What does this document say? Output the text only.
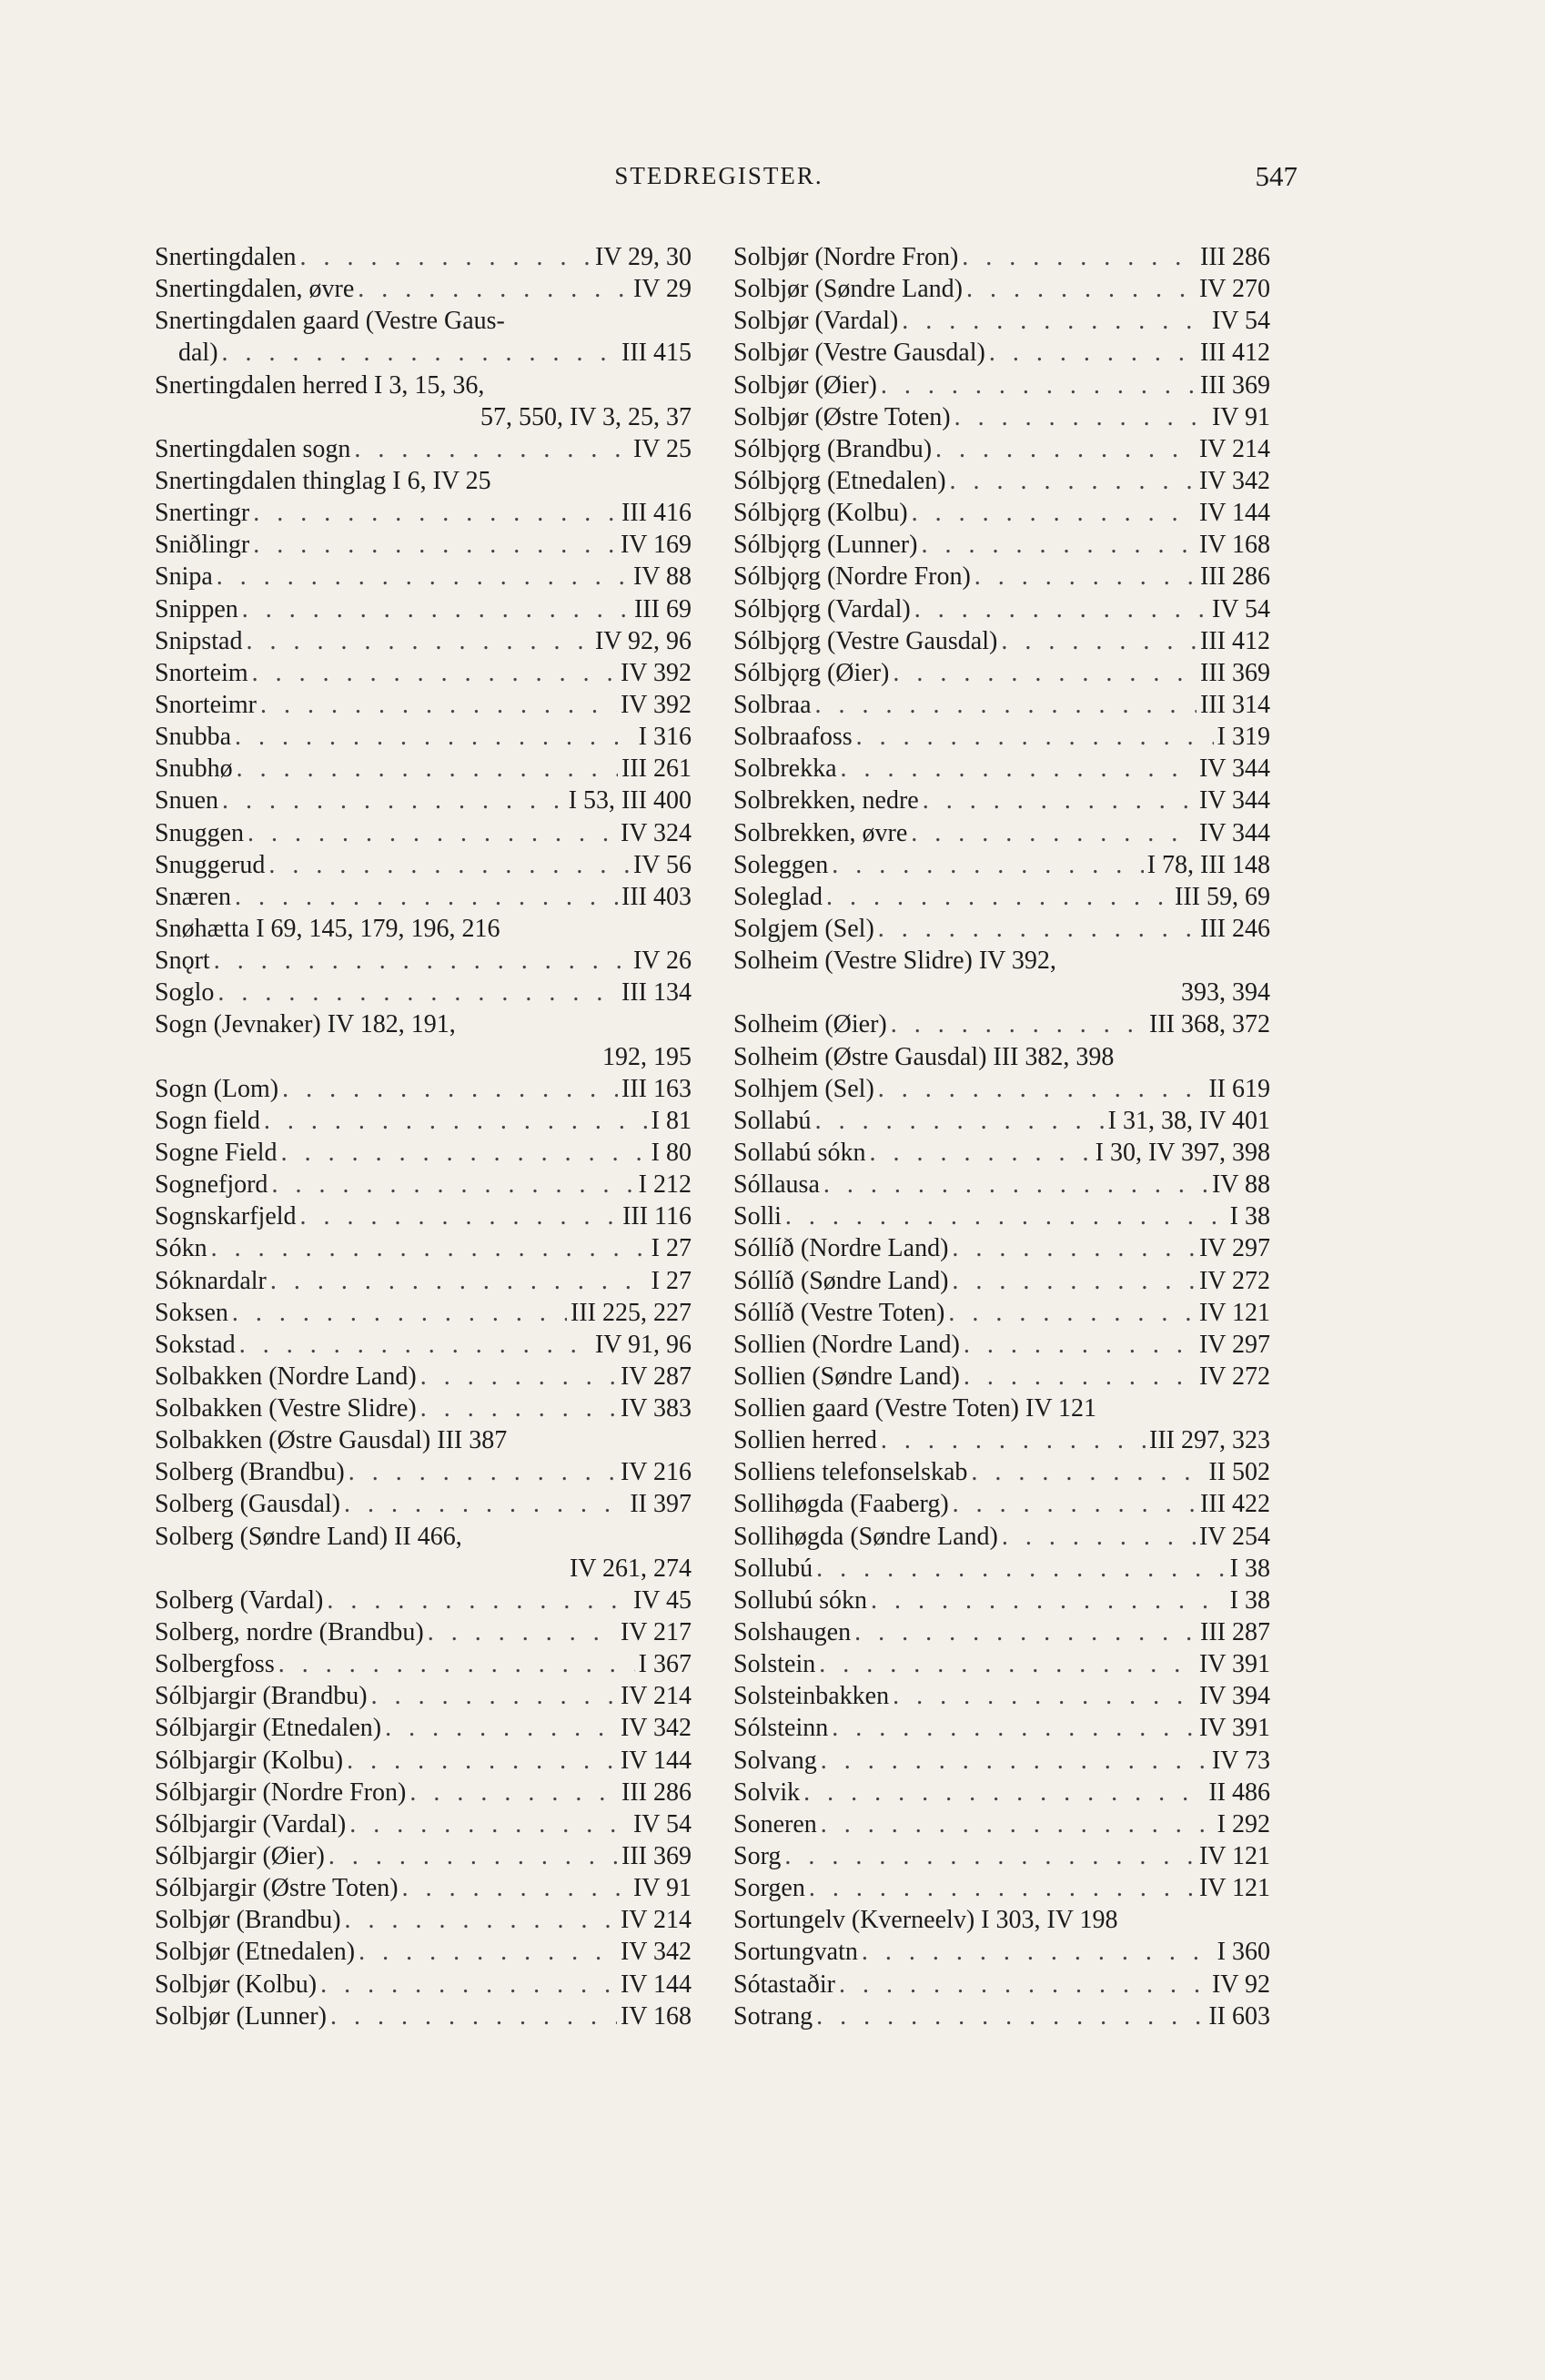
STEDREGISTER.	547
Snertingdalen . . .	IV 29, 30
Snertingdalen, øvre . . .	IV 29
Snertingdalen gaard (Vestre Gaus-
dal) . . .	III 415
Snertingdalen herred I 3, 15, 36,
57, 550, IV 3, 25, 37
Snertingdalen sogn . . .	IV 25
Snertingdalen thinglag I 6, IV 25
Snertingr . . .	III 416
Sniðlingr . . .	IV 169
Snipa . . .	IV 88
Snippen . . .	III 69
Snipstad . . .	IV 92, 96
Snorteim . . .	IV 392
Snorteimr . . .	IV 392
Snubba . . .	I 316
Snubhø . . .	III 261
Snuen . . .	I 53, III 400
Snuggen . . .	IV 324
Snuggerud . . .	IV 56
Snæren . . .	III 403
Snøhætta I 69, 145, 179, 196, 216
Snǫrt . . .	IV 26
Soglo . . .	III 134
Sogn (Jevnaker) IV 182, 191,
192, 195
Sogn (Lom) . . .	III 163
Sogn field . . .	I 81
Sogne Field . . .	I 80
Sognefjord . . .	I 212
Sognskarfjeld . . .	III 116
Sókn . . .	I 27
Sóknardalr . . .	I 27
Soksen . . .	III 225, 227
Sokstad . . .	IV 91, 96
Solbakken (Nordre Land) . . .	IV 287
Solbakken (Vestre Slidre) . . .	IV 383
Solbakken (Østre Gausdal) III 387
Solberg (Brandbu) . . .	IV 216
Solberg (Gausdal) . . .	II 397
Solberg (Søndre Land) II 466,
IV 261, 274
Solberg (Vardal) . . .	IV 45
Solberg, nordre (Brandbu) . . .	IV 217
Solbergfoss . . .	I 367
Sólbjargir (Brandbu) . . .	IV 214
Sólbjargir (Etnedalen) . . .	IV 342
Sólbjargir (Kolbu) . . .	IV 144
Sólbjargir (Nordre Fron) . . .	III 286
Sólbjargir (Vardal) . . .	IV 54
Sólbjargir (Øier) . . .	III 369
Sólbjargir (Østre Toten) . . .	IV 91
Solbjør (Brandbu) . . .	IV 214
Solbjør (Etnedalen) . . .	IV 342
Solbjør (Kolbu) . . .	IV 144
Solbjør (Lunner) . . .	IV 168
Solbjør (Nordre Fron) . . .	III 286
Solbjør (Søndre Land) . . .	IV 270
Solbjør (Vardal) . . .	IV 54
Solbjør (Vestre Gausdal) . . .	III 412
Solbjør (Øier) . . .	III 369
Solbjør (Østre Toten) . . .	IV 91
Sólbjǫrg (Brandbu) . . .	IV 214
Sólbjǫrg (Etnedalen) . . .	IV 342
Sólbjǫrg (Kolbu) . . .	IV 144
Sólbjǫrg (Lunner) . . .	IV 168
Sólbjǫrg (Nordre Fron) . . .	III 286
Sólbjǫrg (Vardal) . . .	IV 54
Sólbjǫrg (Vestre Gausdal) . . .	III 412
Sólbjǫrg (Øier) . . .	III 369
Solbraa . . .	III 314
Solbraafoss . . .	I 319
Solbrekka . . .	IV 344
Solbrekken, nedre . . .	IV 344
Solbrekken, øvre . . .	IV 344
Soleggen . . .	I 78, III 148
Soleglad . . .	III 59, 69
Solgjem (Sel) . . .	III 246
Solheim (Vestre Slidre) IV 392,
393, 394
Solheim (Øier) . . .	III 368, 372
Solheim (Østre Gausdal) III 382, 398
Solhjem (Sel) . . .	II 619
Sollabú . . .	I 31, 38, IV 401
Sollabú sókn . . .	I 30, IV 397, 398
Sóllausa . . .	IV 88
Solli . . .	I 38
Sóllíð (Nordre Land) . . .	IV 297
Sóllíð (Søndre Land) . . .	IV 272
Sóllíð (Vestre Toten) . . .	IV 121
Sollien (Nordre Land) . . .	IV 297
Sollien (Søndre Land) . . .	IV 272
Sollien gaard (Vestre Toten) IV 121
Sollien herred . . .	III 297, 323
Solliens telefonselskab . . .	II 502
Sollihøgda (Faaberg) . . .	III 422
Sollihøgda (Søndre Land) . . .	IV 254
Sollubú . . .	I 38
Sollubú sókn . . .	I 38
Solshaugen . . .	III 287
Solstein . . .	IV 391
Solsteinbakken . . .	IV 394
Sólsteinn . . .	IV 391
Solvang . . .	IV 73
Solvik . . .	II 486
Soneren . . .	I 292
Sorg . . .	IV 121
Sorgen . . .	IV 121
Sortungelv (Kverneelv) I 303, IV 198
Sortungvatn . . .	I 360
Sótastaðir . . .	IV 92
Sotrang . . .	II 603
